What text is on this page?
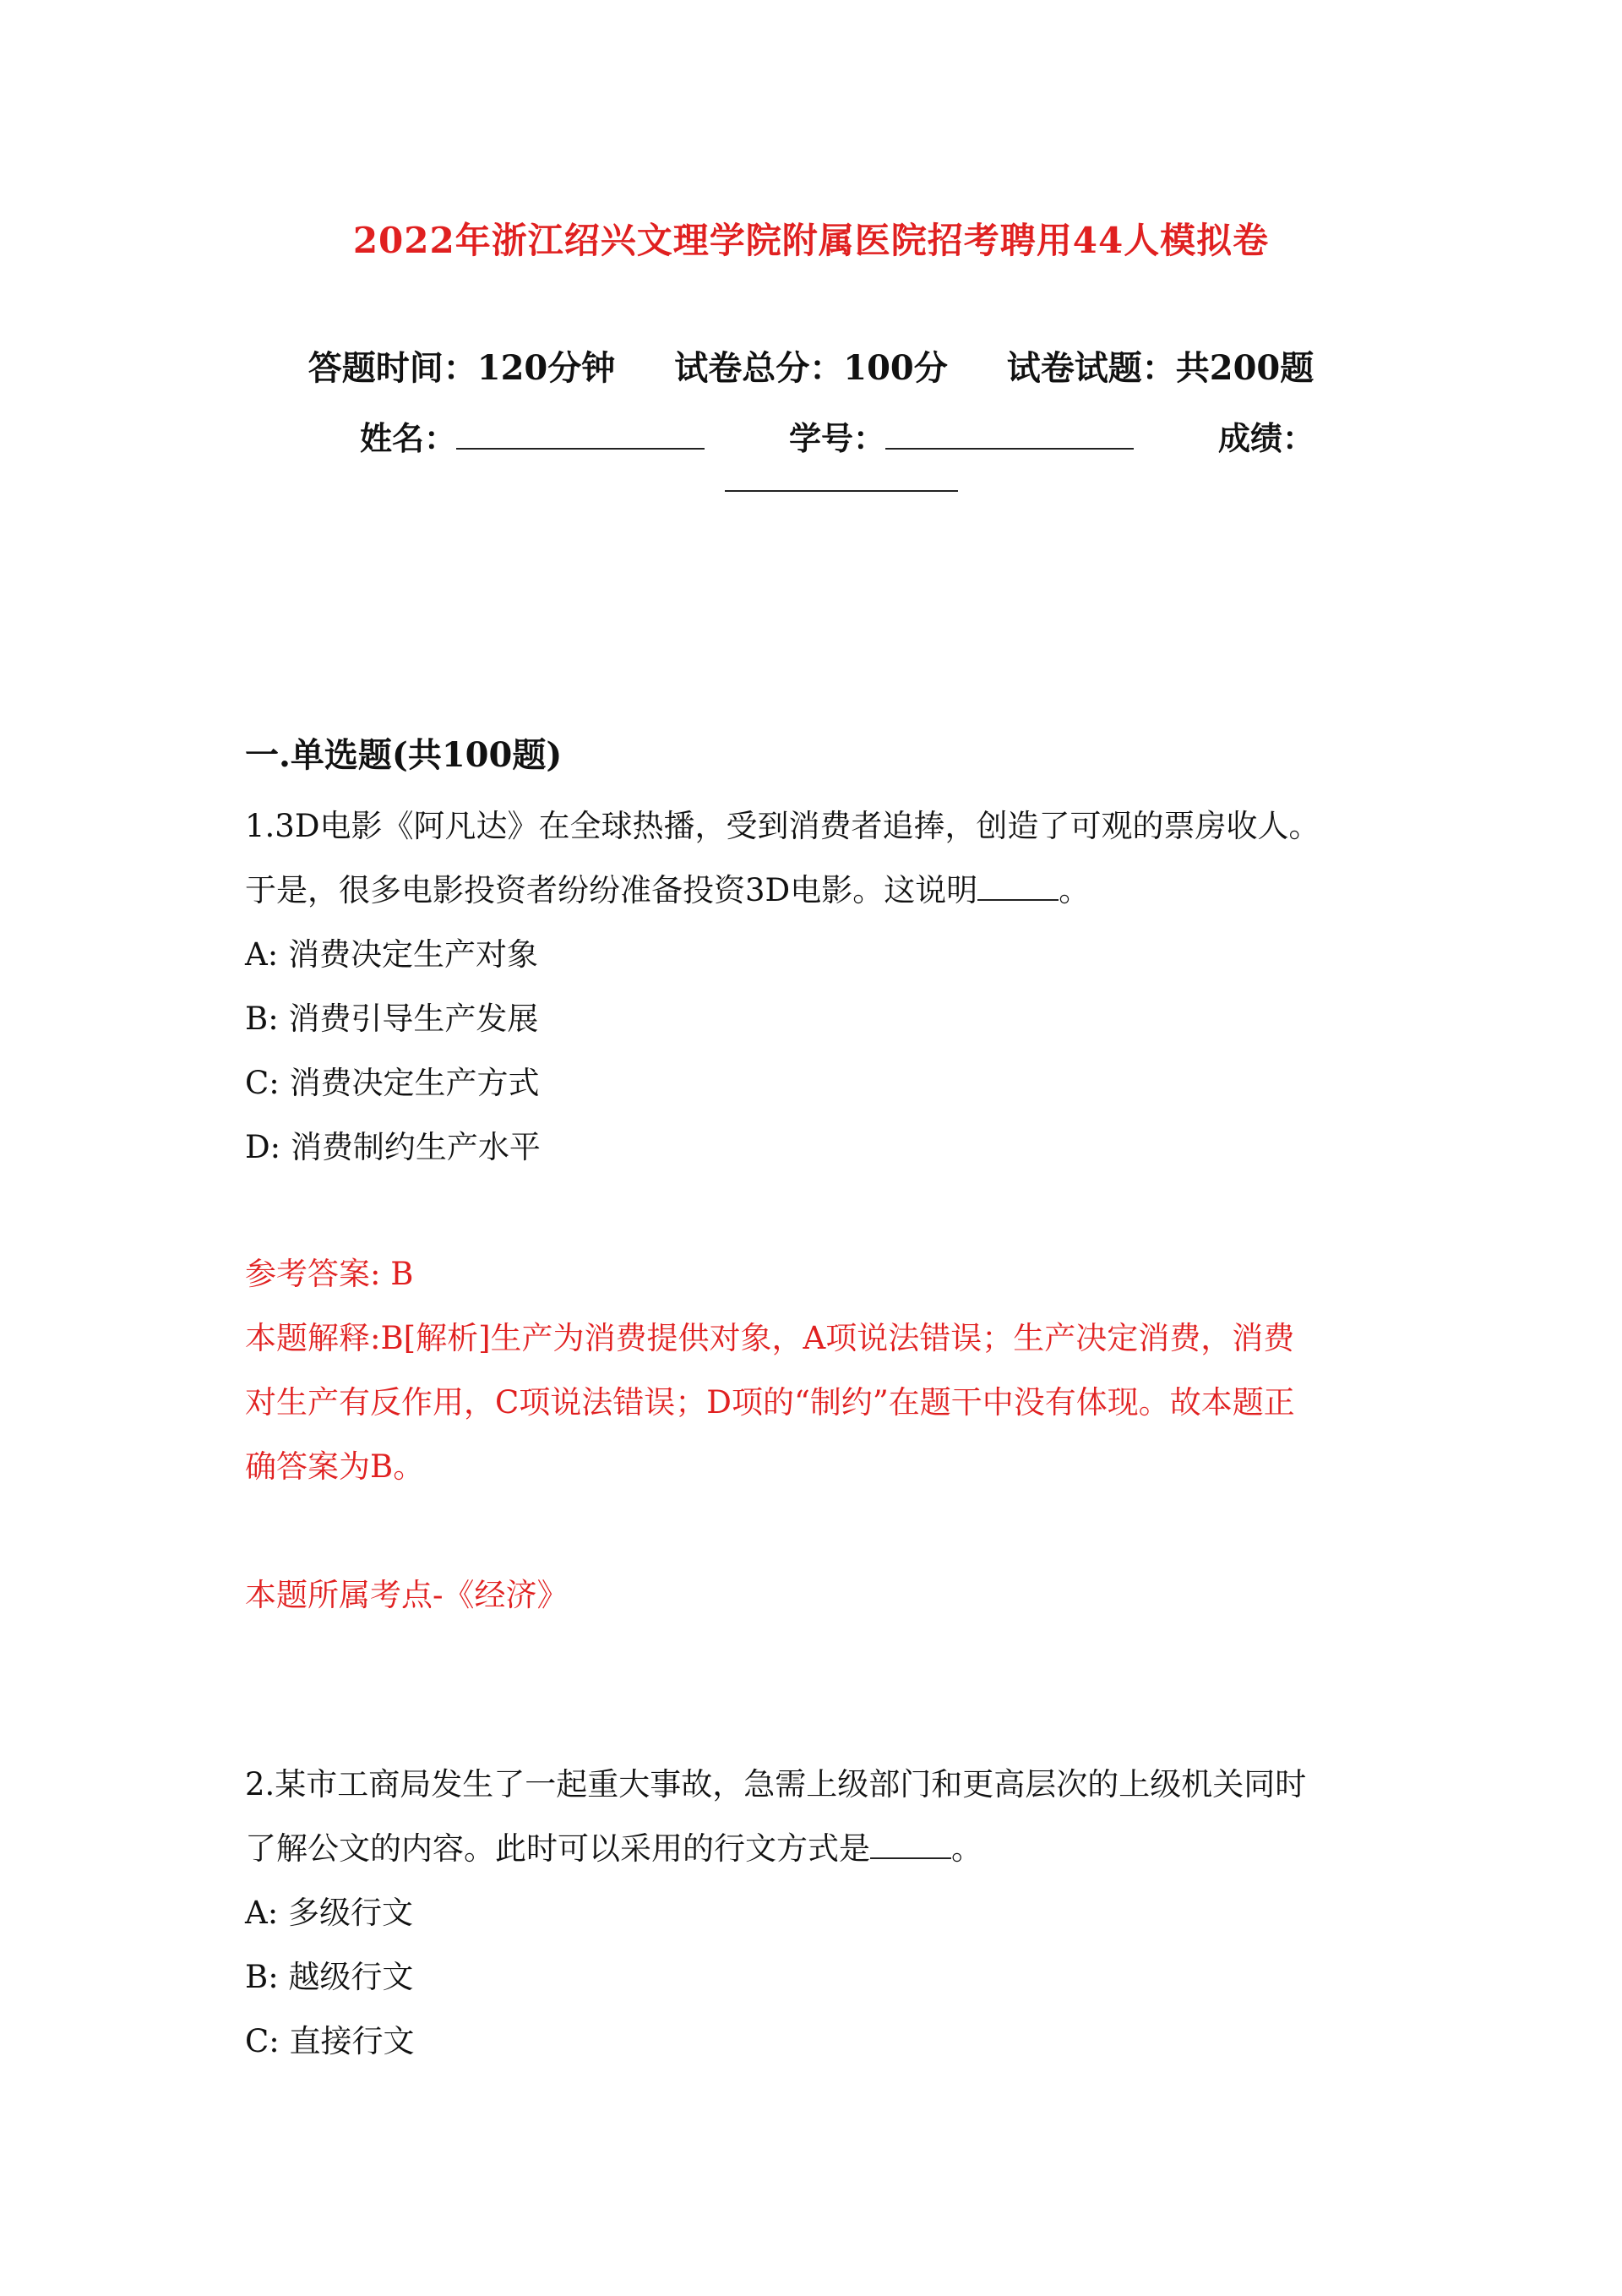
2022年浙江绍兴文理学院附属医院招考聘用44人模拟卷
答题时间：120分钟 试卷总分：100分 试卷试题：共200题
姓名：	学号：	成绩：
一.单选题(共100题)
1.3D电影《阿凡达》在全球热播，受到消费者追捧，创造了可观的票房收人。
于是，很多电影投资者纷纷准备投资3D电影。这说明	。
A: 消费决定生产对象
B: 消费引导生产发展
C: 消费决定生产方式
D: 消费制约生产水平
参考答案: B
本题解释:B[解析]生产为消费提供对象，A项说法错误；生产决定消费，消费
对生产有反作用，C项说法错误；D项的“制约”在题干中没有体现。故本题正
确答案为B。
本题所属考点-《经济》
2.某市工商局发生了一起重大事故，急需上级部门和更高层次的上级机关同时
了解公文的内容。此时可以采用的行文方式是	。
A: 多级行文
B: 越级行文
C: 直接行文
